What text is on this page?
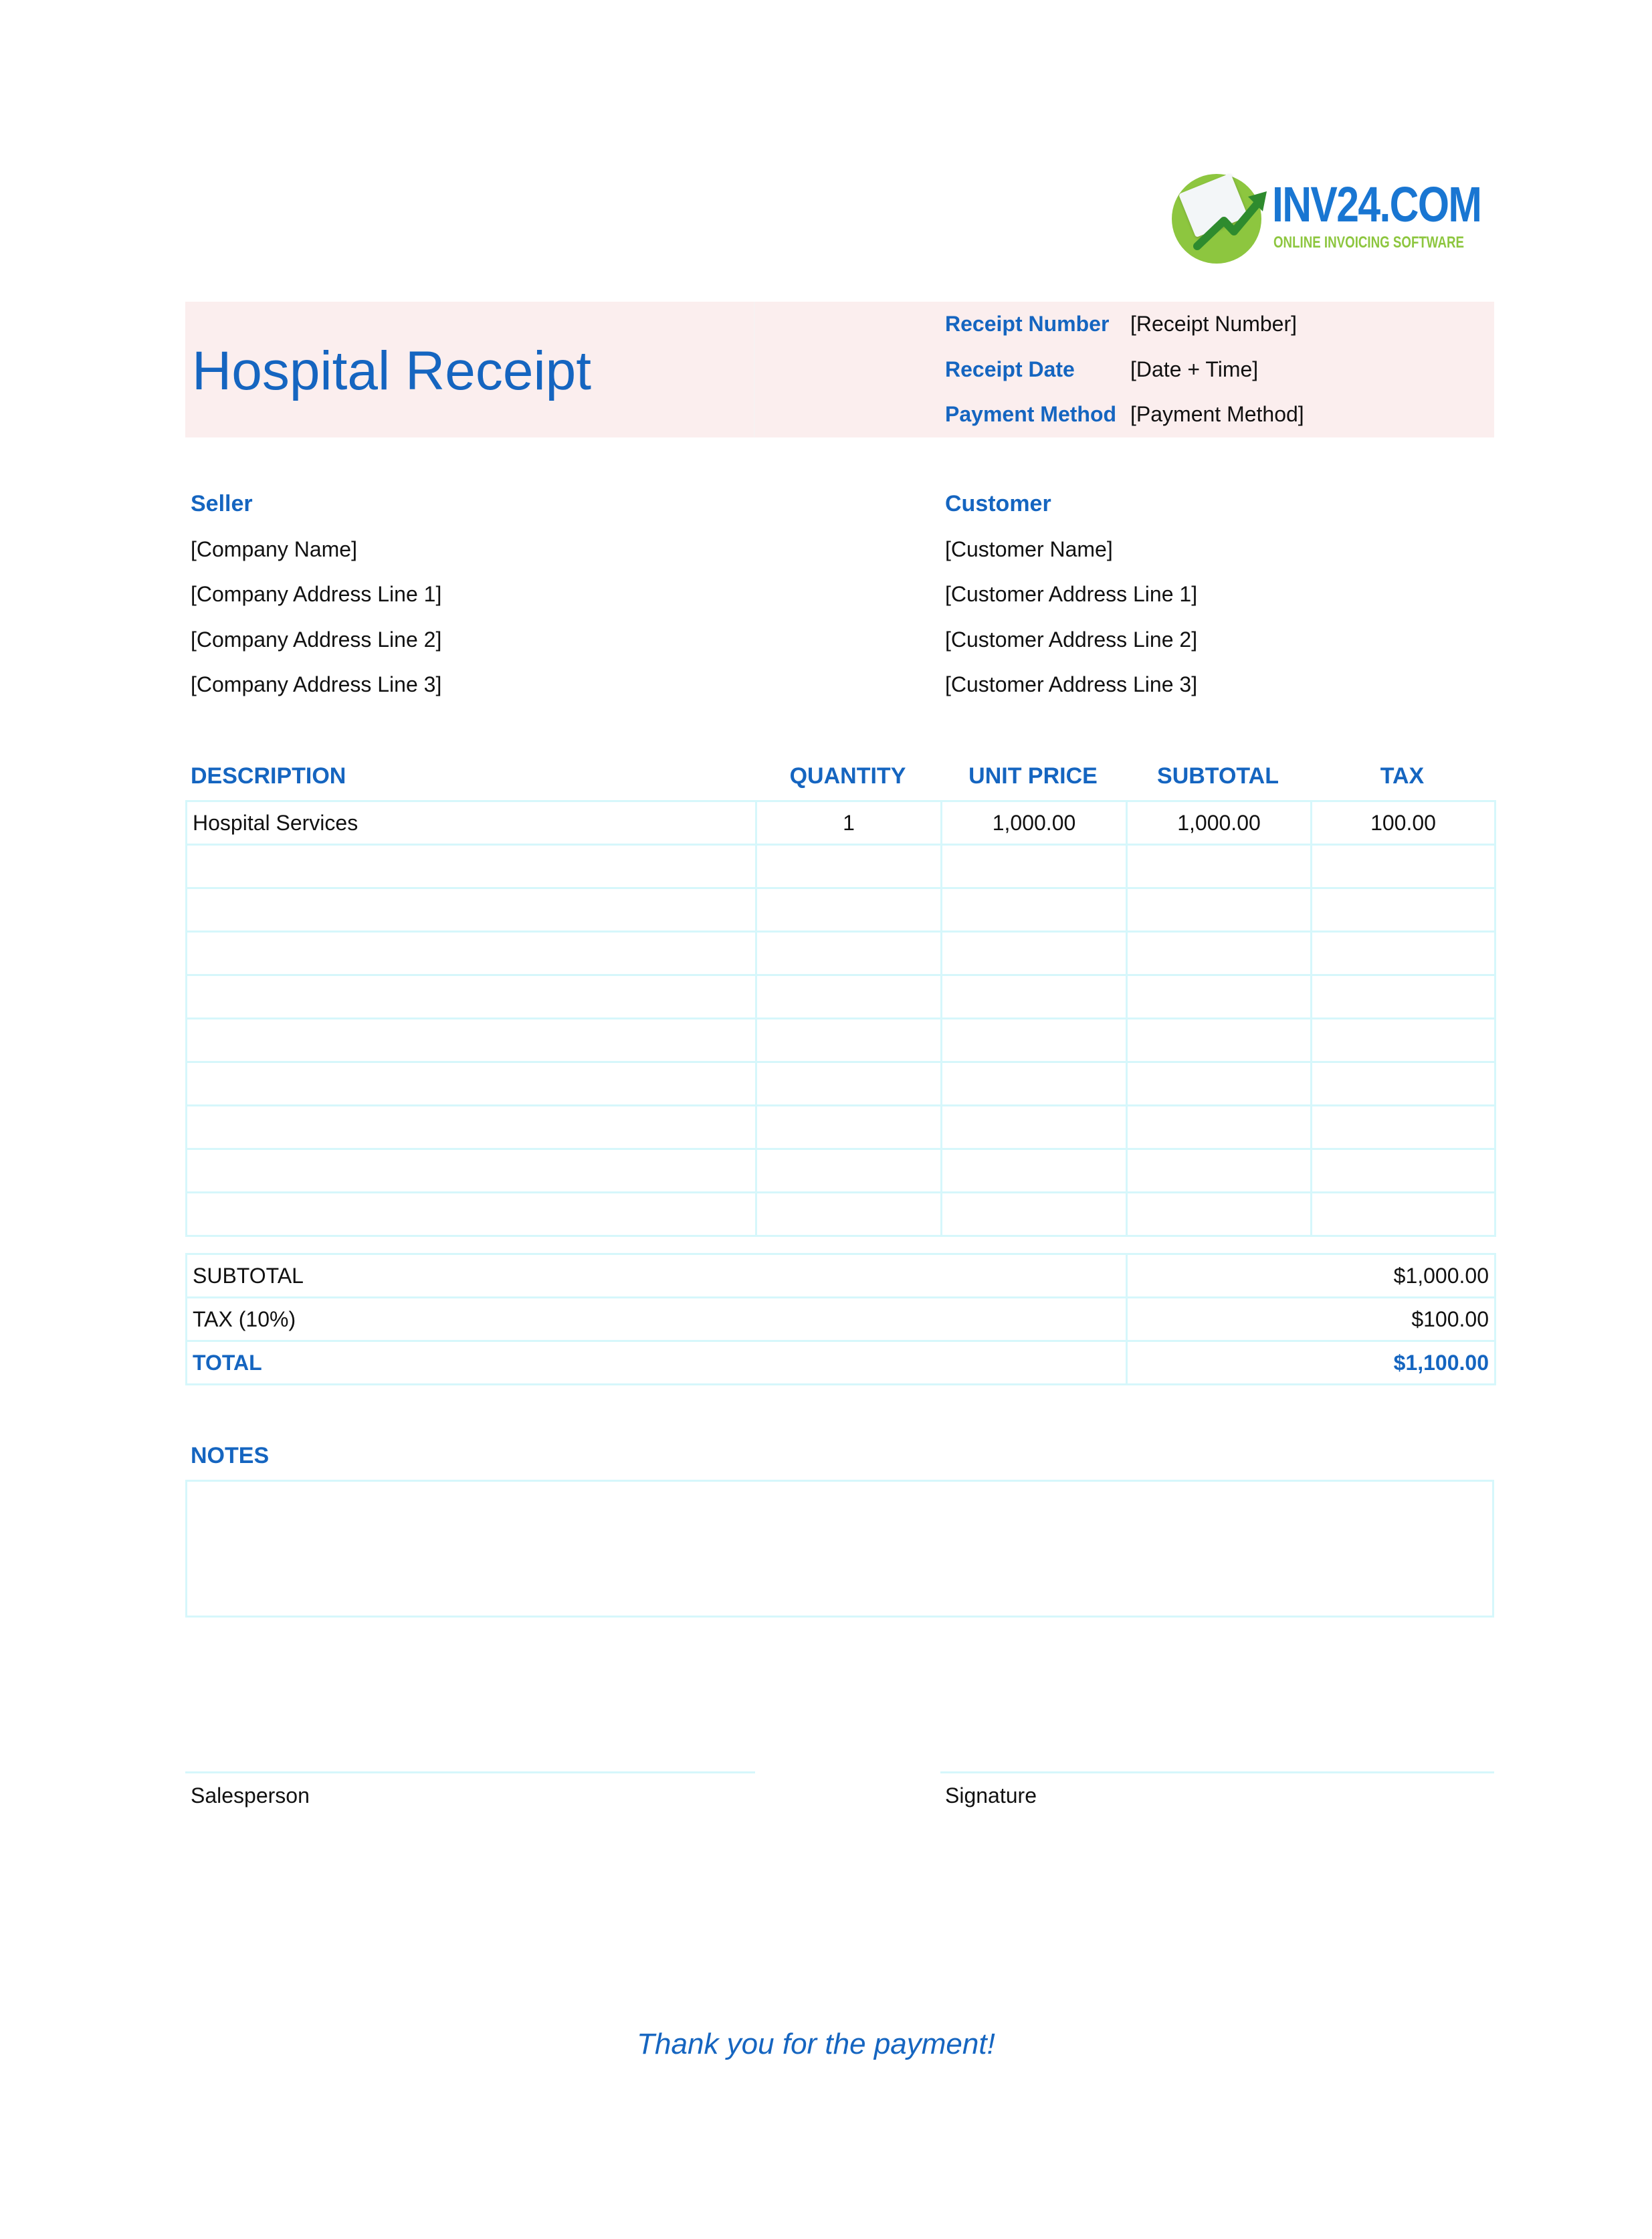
INV24.COM
ONLINE INVOICING SOFTWARE
Hospital Receipt
Receipt Number [Receipt Number]
Receipt Date	[Date + Time]
Payment Method [Payment Method]
Seller
[Company Name]
[Company Address Line 1]
[Company Address Line 2]
[Company Address Line 3]
Customer
[Customer Name]
[Customer Address Line 1]
[Customer Address Line 2]
[Customer Address Line 3]
DESCRIPTION	QUANTITY	UNIT PRICE	SUBTOTAL	TAX
Hospital Services	1	1,000.00	1,000.00	100.00

SUBTOTAL	$1,000.00
TAX (10%)	$100.00
TOTAL	$1,100.00
NOTES
Salesperson	Signature
Thank you for the payment!
